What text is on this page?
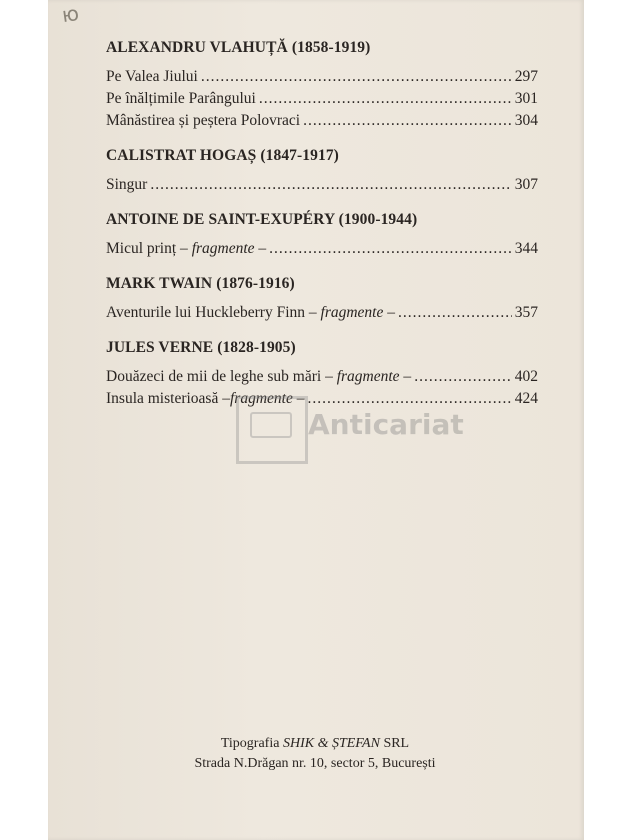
ю
ALEXANDRU VLAHUȚĂ (1858-1919)
Pe Valea Jiului .....	297
Pe înălțimile Parângului .....	301
Mânăstirea și peștera Polovraci .....	304
CALISTRAT HOGAȘ (1847-1917)
Singur .....	307
ANTOINE DE SAINT-EXUPÉRY (1900-1944)
Micul prinț – fragmente – .....	344
MARK TWAIN (1876-1916)
Aventurile lui Huckleberry Finn – fragmente – .....	357
JULES VERNE (1828-1905)
Douăzeci de mii de leghe sub mări – fragmente – .....	402
Insula misterioasă –fragmente – .....	424
Anticariat
Tipografia SHIK & ȘTEFAN SRL
Strada N.Drăgan nr. 10, sector 5, București
